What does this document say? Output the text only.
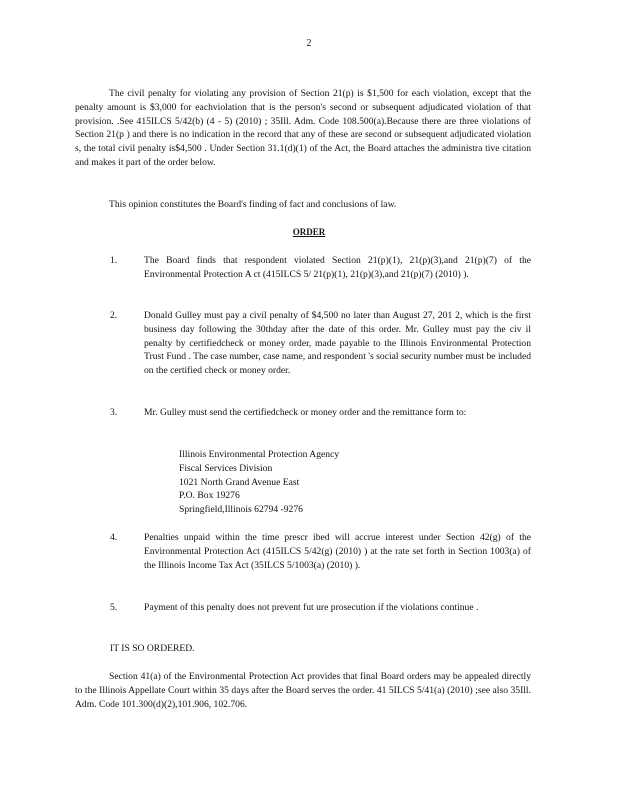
2

The civil penalty for violating any provision of Section 21(p) is $1,500 for each violation, except that the penalty amount is $3,000 for eachviolation that is the person's second or subsequent adjudicated violation of that provision. .See 415ILCS 5/42(b) (4 - 5) (2010) ; 35Ill. Adm. Code 108.500(a).Because there are three violations of Section 21(p ) and there is no indication in the record that any of these are second or subsequent adjudicated violation s, the total civil penalty is$4,500 . Under Section 31.1(d)(1) of the Act, the Board attaches the administra tive citation and makes it part of the order below.

This opinion constitutes the Board's finding of fact and conclusions of law.

ORDER
1.	The Board finds that respondent violated Section 21(p)(1), 21(p)(3),and 21(p)(7) of the Environmental Protection A ct (415ILCS 5/ 21(p)(1), 21(p)(3),and 21(p)(7) (2010) ).
2.	Donald Gulley must pay a civil penalty of $4,500 no later than August 27, 201 2, which is the first business day following the 30thday after the date of this order. Mr. Gulley must pay the civ il penalty by certifiedcheck or money order, made payable to the Illinois Environmental Protection Trust Fund . The case number, case name, and respondent 's social security number must be included on the certified check or money order.
3.	Mr. Gulley must send the certifiedcheck or money order and the remittance form to:
Illinois Environmental Protection Agency
Fiscal Services Division
1021 North Grand Avenue East
P.O. Box 19276
Springfield,Illinois 62794 -9276
4.	Penalties unpaid within the time prescr ibed will accrue interest under Section 42(g) of the Environmental Protection Act (415ILCS 5/42(g) (2010) ) at the rate set forth in Section 1003(a) of the Illinois Income Tax Act (35ILCS 5/1003(a) (2010) ).
5.	Payment of this penalty does not prevent fut ure prosecution if the violations continue .
IT IS SO ORDERED.

Section 41(a) of the Environmental Protection Act provides that final Board orders may be appealed directly to the Illinois Appellate Court within 35 days after the Board serves the order. 41 5ILCS 5/41(a) (2010) ;see also 35Ill. Adm. Code 101.300(d)(2),101.906, 102.706.
